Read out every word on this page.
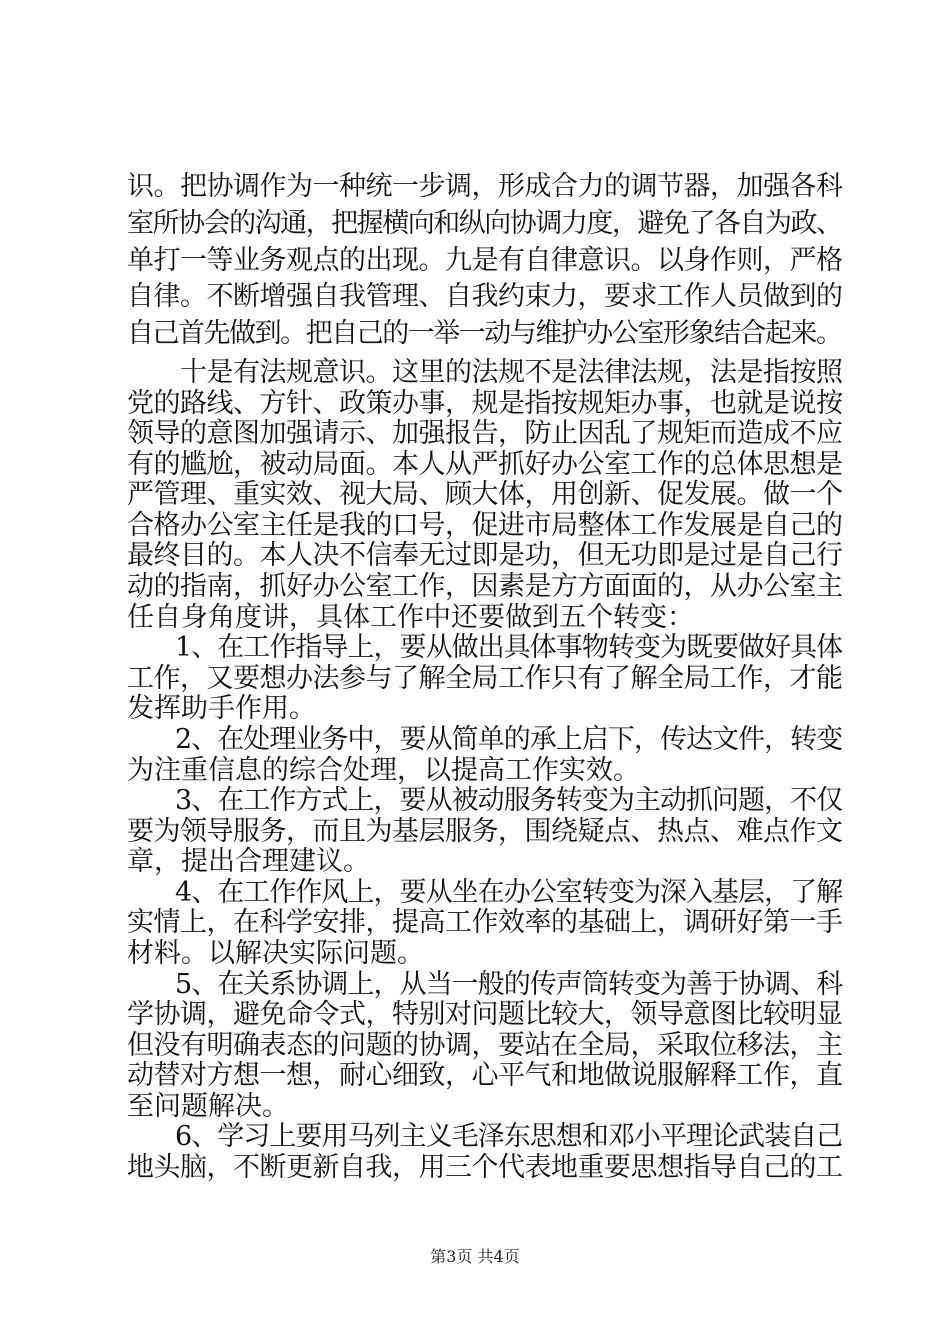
识。把协调作为一种统一步调，形成合力的调节器，加强各科
室所协会的沟通，把握横向和纵向协调力度，避免了各自为政、
单打一等业务观点的出现。九是有自律意识。以身作则，严格
自律。不断增强自我管理、自我约束力，要求工作人员做到的
自己首先做到。把自己的一举一动与维护办公室形象结合起来。
十是有法规意识。这里的法规不是法律法规，法是指按照
党的路线、方针、政策办事，规是指按规矩办事，也就是说按
领导的意图加强请示、加强报告，防止因乱了规矩而造成不应
有的尴尬，被动局面。本人从严抓好办公室工作的总体思想是
严管理、重实效、视大局、顾大体，用创新、促发展。做一个
合格办公室主任是我的口号，促进市局整体工作发展是自己的
最终目的。本人决不信奉无过即是功，但无功即是过是自己行
动的指南，抓好办公室工作，因素是方方面面的，从办公室主
任自身角度讲，具体工作中还要做到五个转变：
1、在工作指导上，要从做出具体事物转变为既要做好具体
工作，又要想办法参与了解全局工作只有了解全局工作，才能
发挥助手作用。
2、在处理业务中，要从简单的承上启下，传达文件，转变
为注重信息的综合处理，以提高工作实效。
3、在工作方式上，要从被动服务转变为主动抓问题，不仅
要为领导服务，而且为基层服务，围绕疑点、热点、难点作文
章，提出合理建议。
4、在工作作风上，要从坐在办公室转变为深入基层，了解
实情上，在科学安排，提高工作效率的基础上，调研好第一手
材料。以解决实际问题。
5、在关系协调上，从当一般的传声筒转变为善于协调、科
学协调，避免命令式，特别对问题比较大，领导意图比较明显
但没有明确表态的问题的协调，要站在全局，采取位移法，主
动替对方想一想，耐心细致，心平气和地做说服解释工作，直
至问题解决。
6、学习上要用马列主义毛泽东思想和邓小平理论武装自己
地头脑，不断更新自我，用三个代表地重要思想指导自己的工
第3页 共4页
